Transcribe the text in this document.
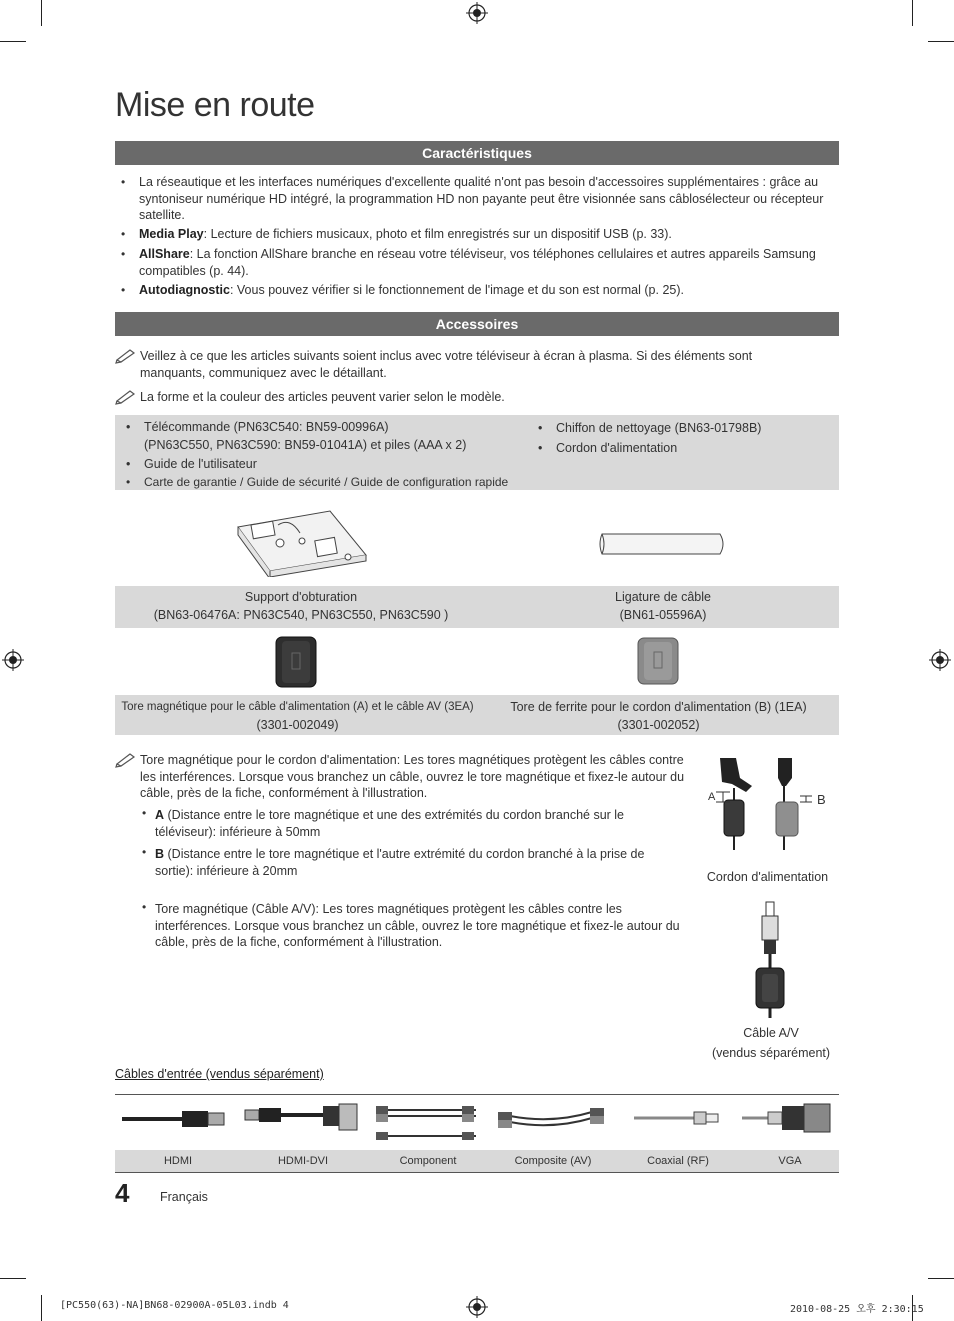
Mise en route
Caractéristiques
• La réseautique et les interfaces numériques d'excellente qualité n'ont pas besoin d'accessoires supplémentaires : grâce au syntoniseur numérique HD intégré, la programmation HD non payante peut être visionnée sans câblosélecteur ou récepteur satellite.
• Media Play: Lecture de fichiers musicaux, photo et film enregistrés sur un dispositif USB (p. 33).
• AllShare: La fonction AllShare branche en réseau votre téléviseur, vos téléphones cellulaires et autres appareils Samsung compatibles (p. 44).
• Autodiagnostic: Vous pouvez vérifier si le fonctionnement de l'image et du son est normal (p. 25).
Accessoires
Veillez à ce que les articles suivants soient inclus avec votre téléviseur à écran à plasma. Si des éléments sont manquants, communiquez avec le détaillant.
La forme et la couleur des articles peuvent varier selon le modèle.
• Télécommande (PN63C540: BN59-00996A)
(PN63C550, PN63C590: BN59-01041A) et piles (AAA x 2)
• Guide de l'utilisateur
• Carte de garantie / Guide de sécurité / Guide de configuration rapide
• Chiffon de nettoyage (BN63-01798B)
• Cordon d'alimentation
Support d'obturation
(BN63-06476A: PN63C540, PN63C550, PN63C590 )
Ligature de câble
(BN61-05596A)
Tore magnétique pour le câble d'alimentation (A) et le câble AV (3EA)
(3301-002049)
Tore de ferrite pour le cordon d'alimentation (B) (1EA)
(3301-002052)
Tore magnétique pour le cordon d'alimentation: Les tores magnétiques protègent les câbles contre les interférences. Lorsque vous branchez un câble, ouvrez le tore magnétique et fixez-le autour du câble, près de la fiche, conformément à l'illustration.
• A (Distance entre le tore magnétique et une des extrémités du cordon branché sur le téléviseur): inférieure à 50mm
• B (Distance entre le tore magnétique et l'autre extrémité du cordon branché à la prise de sortie): inférieure à 20mm
• Tore magnétique (Câble A/V): Les tores magnétiques protègent les câbles contre les interférences. Lorsque vous branchez un câble, ouvrez le tore magnétique et fixez-le autour du câble, près de la fiche, conformément à l'illustration.
A	B
Cordon d'alimentation
Câble A/V
(vendus séparément)
Câbles d'entrée (vendus séparément)
HDMI	HDMI-DVI	Component	Composite (AV)	Coaxial (RF)	VGA
4 Français
[PC550(63)-NA]BN68-02900A-05L03.indb 4	2010-08-25 오후 2:30:15
